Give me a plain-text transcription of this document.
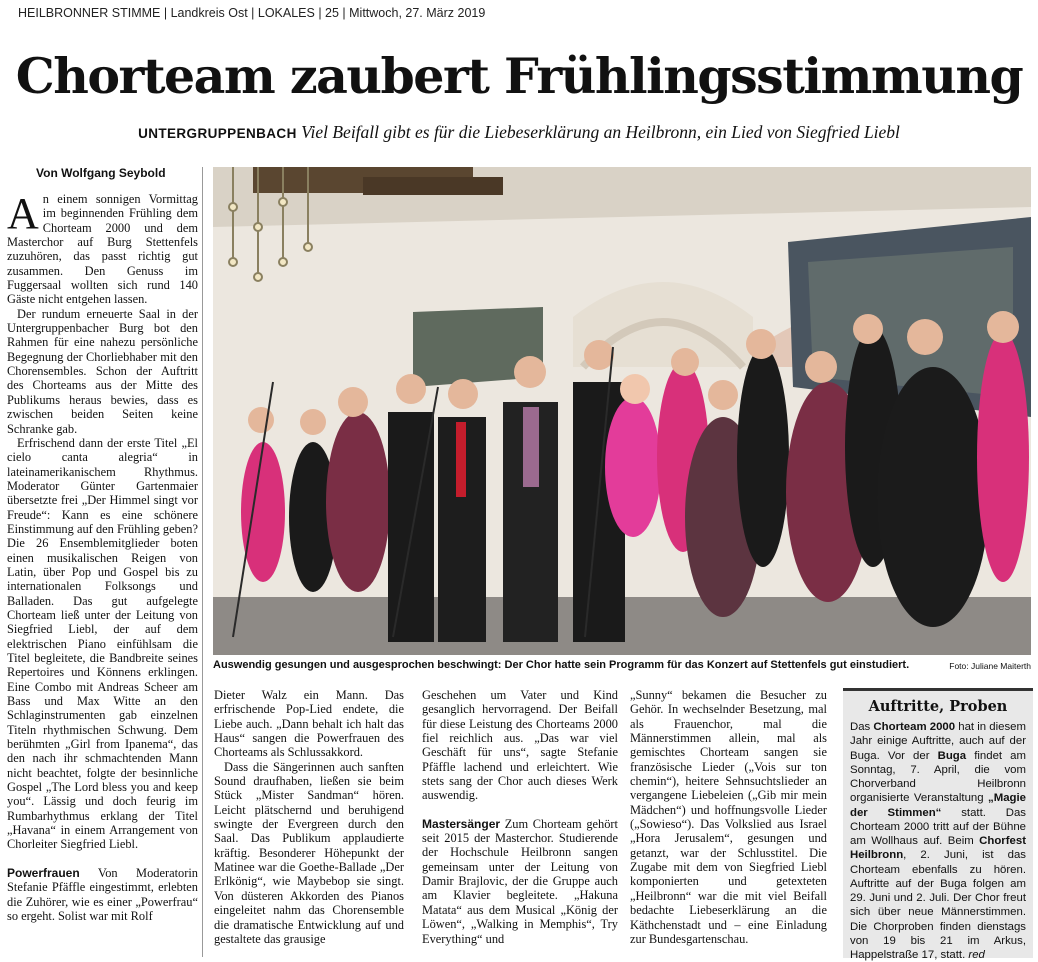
HEILBRONNER STIMME | Landkreis Ost | LOKALES | 25 | Mittwoch, 27. März 2019
Chorteam zaubert Frühlingsstimmung
UNTERGRUPPENBACH Viel Beifall gibt es für die Liebeserklärung an Heilbronn, ein Lied von Siegfried Liebl
Von Wolfgang Seybold

An einem sonnigen Vormittag im beginnenden Frühling dem Chorteam 2000 und dem Masterchor auf Burg Stettenfels zuzuhören, das passt richtig gut zusammen. Den Genuss im Fuggersaal wollten sich rund 140 Gäste nicht entgehen lassen.

Der rundum erneuerte Saal in der Untergruppenbacher Burg bot den Rahmen für eine nahezu persönliche Begegnung der Chorliebhaber mit den Chorensembles. Schon der Auftritt des Chorteams aus der Mitte des Publikums heraus bewies, dass es zwischen beiden Seiten keine Schranke gab.

Erfrischend dann der erste Titel „El cielo canta alegria“ in lateinamerikanischem Rhythmus. Moderator Günter Gartenmaier übersetzte frei „Der Himmel singt vor Freude“: Kann es eine schönere Einstimmung auf den Frühling geben? Die 26 Ensemblemitglieder boten einen musikalischen Reigen von Latin, über Pop und Gospel bis zu internationalen Folksongs und Balladen. Das gut aufgelegte Chorteam ließ unter der Leitung von Siegfried Liebl, der auf dem elektrischen Piano einfühlsam die Titel begleitete, die Bandbreite seines Repertoires und Könnens erklingen. Eine Combo mit Andreas Scheer am Bass und Max Witte an den Schlaginstrumenten gab einzelnen Titeln rhythmischen Schwung. Dem berühmten „Girl from Ipanema“, das den nach ihr schmachtenden Mann nicht beachtet, folgte der besinnliche Gospel „The Lord bless you and keep you“. Lässig und doch feurig im Rumbarhythmus erklang der Titel „Havana“ in einem Arrangement von Chorleiter Siegfried Liebl.

Powerfrauen Von Moderatorin Stefanie Pfäffle eingestimmt, erlebten die Zuhörer, wie es einer „Powerfrau“ so ergeht. Solist war mit Rolf

Auswendig gesungen und ausgesprochen beschwingt: Der Chor hatte sein Programm für das Konzert auf Stettenfels gut einstudiert.	Foto: Juliane Maiterth

Dieter Walz ein Mann. Das erfrischende Pop-Lied endete, die Liebe auch. „Dann behalt ich halt das Haus“ sangen die Powerfrauen des Chorteams als Schlussakkord.

Dass die Sängerinnen auch sanften Sound draufhaben, ließen sie beim Stück „Mister Sandman“ hören. Leicht plätschernd und beruhigend swingte der Evergreen durch den Saal. Das Publikum applaudierte kräftig. Besonderer Höhepunkt der Matinee war die Goethe-Ballade „Der Erlkönig“, wie Maybebop sie singt. Von düsteren Akkorden des Pianos eingeleitet nahm das Chorensemble die dramatische Entwicklung auf und gestaltete das grausige

Geschehen um Vater und Kind gesanglich hervorragend. Der Beifall für diese Leistung des Chorteams 2000 fiel reichlich aus. „Das war viel Geschäft für uns“, sagte Stefanie Pfäffle lachend und erleichtert. Wie stets sang der Chor auch dieses Werk auswendig.

Mastersänger Zum Chorteam gehört seit 2015 der Masterchor. Studierende der Hochschule Heilbronn sangen gemeinsam unter der Leitung von Damir Brajlovic, der die Gruppe auch am Klavier begleitete. „Hakuna Matata“ aus dem Musical „König der Löwen“, „Walking in Memphis“, Try Everything“ und

„Sunny“ bekamen die Besucher zu Gehör. In wechselnder Besetzung, mal als Frauenchor, mal die Männerstimmen allein, mal als gemischtes Chorteam sangen sie französische Lieder („Vois sur ton chemin“), heitere Sehnsuchtslieder an vergangene Liebeleien („Gib mir mein Mädchen“) und hoffnungsvolle Lieder („Sowieso“). Das Volkslied aus Israel „Hora Jerusalem“, gesungen und getanzt, war der Schlusstitel. Die Zugabe mit dem von Siegfried Liebl komponierten und getexteten „Heilbronn“ war die mit viel Beifall bedachte Liebeserklärung an die Käthchenstadt und – eine Einladung zur Bundesgartenschau.

Auftritte, Proben
Das Chorteam 2000 hat in diesem Jahr einige Auftritte, auch auf der Buga. Vor der Buga findet am Sonntag, 7. April, die vom Chorverband Heilbronn organisierte Veranstaltung „Magie der Stimmen“ statt. Das Chorteam 2000 tritt auf der Bühne am Wollhaus auf. Beim Chorfest Heilbronn, 2. Juni, ist das Chorteam ebenfalls zu hören. Auftritte auf der Buga folgen am 29. Juni und 2. Juli. Der Chor freut sich über neue Männerstimmen. Die Chorproben finden dienstags von 19 bis 21 im Arkus, Happelstraße 17, statt. red
